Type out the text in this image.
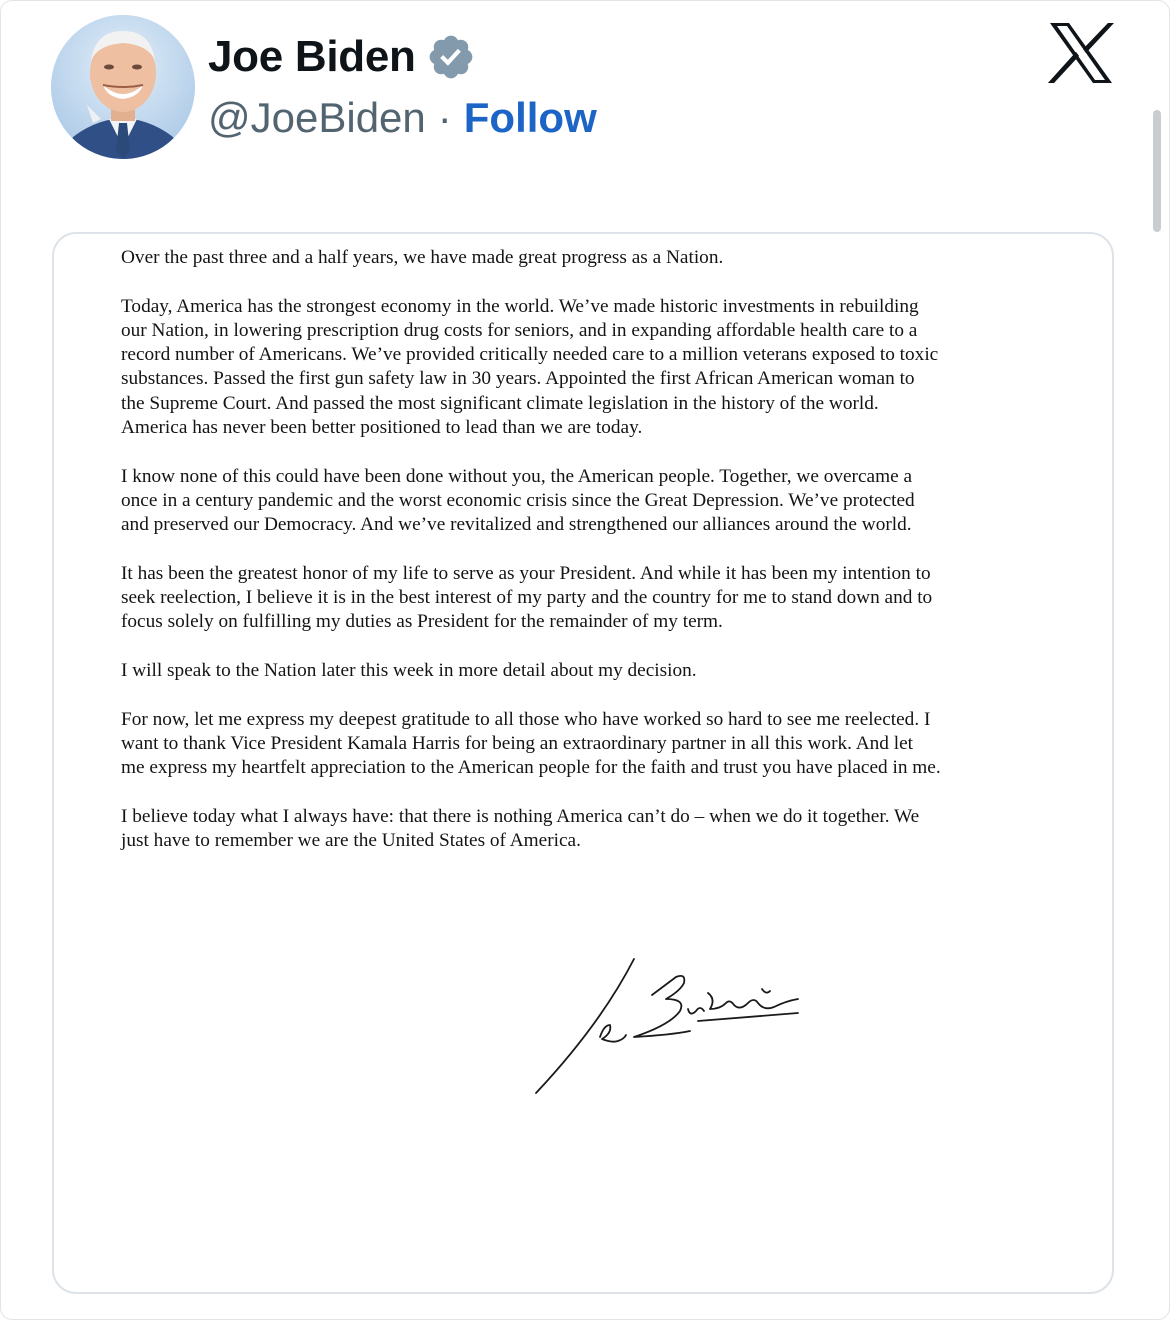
Joe Biden
@JoeBiden · Follow

Over the past three and a half years, we have made great progress as a Nation.

Today, America has the strongest economy in the world. We’ve made historic investments in rebuilding our Nation, in lowering prescription drug costs for seniors, and in expanding affordable health care to a record number of Americans. We’ve provided critically needed care to a million veterans exposed to toxic substances. Passed the first gun safety law in 30 years. Appointed the first African American woman to the Supreme Court. And passed the most significant climate legislation in the history of the world. America has never been better positioned to lead than we are today.

I know none of this could have been done without you, the American people. Together, we overcame a once in a century pandemic and the worst economic crisis since the Great Depression. We’ve protected and preserved our Democracy. And we’ve revitalized and strengthened our alliances around the world.

It has been the greatest honor of my life to serve as your President. And while it has been my intention to seek reelection, I believe it is in the best interest of my party and the country for me to stand down and to focus solely on fulfilling my duties as President for the remainder of my term.

I will speak to the Nation later this week in more detail about my decision.

For now, let me express my deepest gratitude to all those who have worked so hard to see me reelected. I want to thank Vice President Kamala Harris for being an extraordinary partner in all this work. And let me express my heartfelt appreciation to the American people for the faith and trust you have placed in me.

I believe today what I always have: that there is nothing America can’t do – when we do it together. We just have to remember we are the United States of America.
